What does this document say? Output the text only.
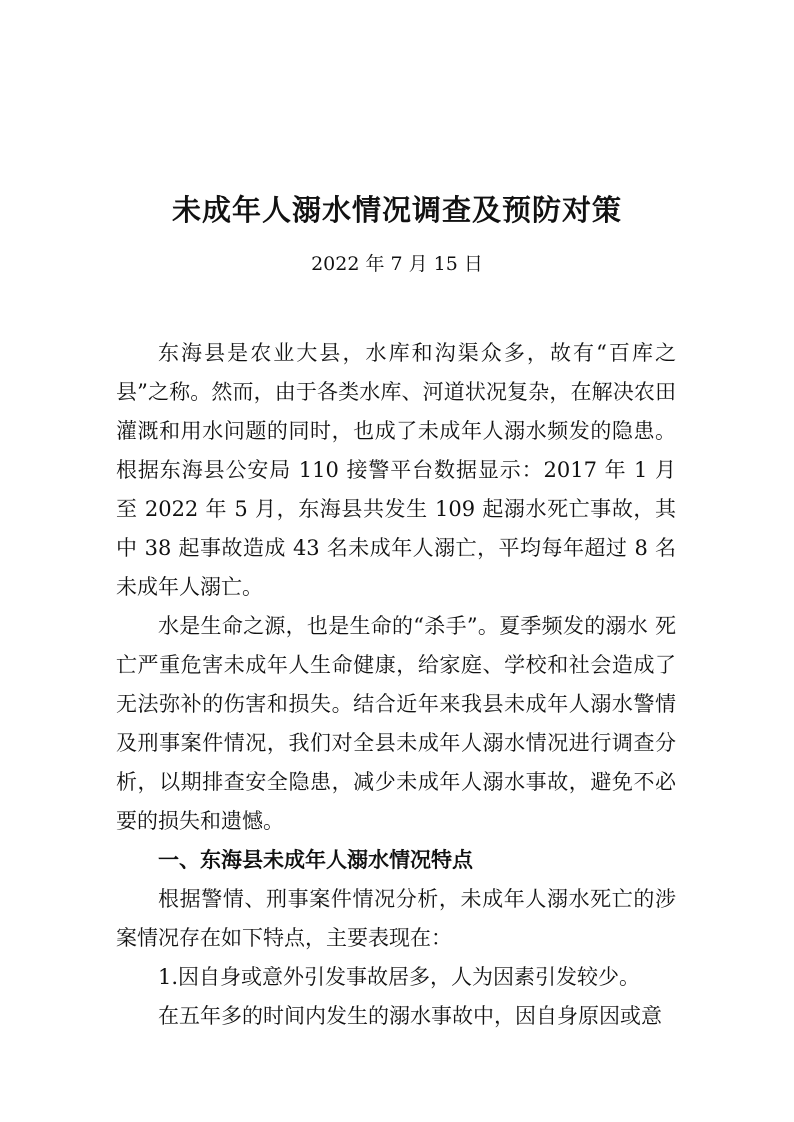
未成年人溺水情况调查及预防对策
2022 年 7 月 15 日

东海县是农业大县，水库和沟渠众多，故有“百库之县”之称。然而，由于各类水库、河道状况复杂，在解决农田灌溉和用水问题的同时，也成了未成年人溺水频发的隐患。根据东海县公安局 110 接警平台数据显示：2017 年 1 月至 2022 年 5 月，东海县共发生 109 起溺水死亡事故，其中 38 起事故造成 43 名未成年人溺亡，平均每年超过 8 名未成年人溺亡。

水是生命之源，也是生命的“杀手”。夏季频发的溺水 死亡严重危害未成年人生命健康，给家庭、学校和社会造成了无法弥补的伤害和损失。结合近年来我县未成年人溺水警情及刑事案件情况，我们对全县未成年人溺水情况进行调查分析，以期排查安全隐患，减少未成年人溺水事故，避免不必要的损失和遗憾。

一、东海县未成年人溺水情况特点

根据警情、刑事案件情况分析，未成年人溺水死亡的涉案情况存在如下特点，主要表现在：

1.因自身或意外引发事故居多，人为因素引发较少。

在五年多的时间内发生的溺水事故中，因自身原因或意
